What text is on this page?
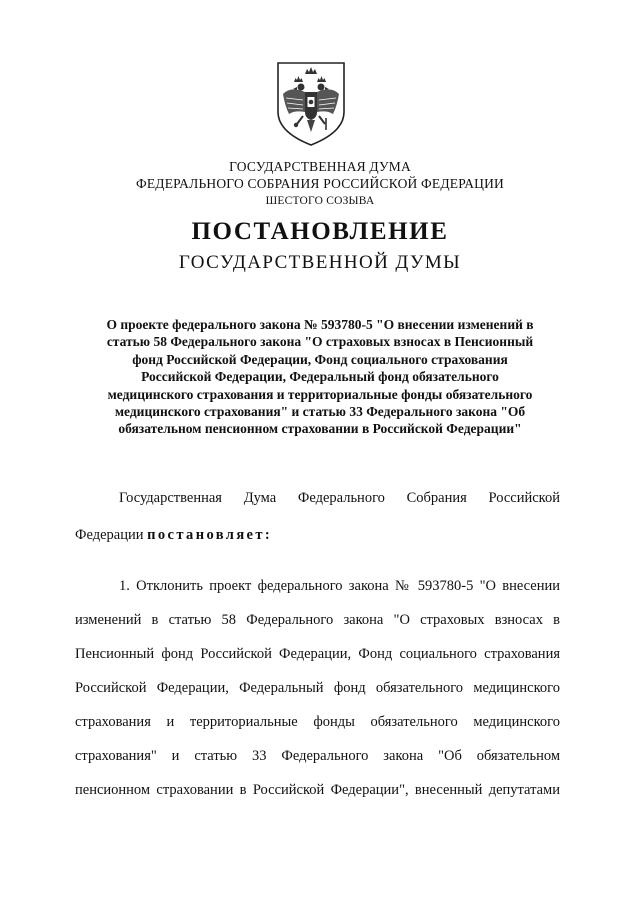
ГОСУДАРСТВЕННАЯ ДУМА
ФЕДЕРАЛЬНОГО СОБРАНИЯ РОССИЙСКОЙ ФЕДЕРАЦИИ
ШЕСТОГО СОЗЫВА
ПОСТАНОВЛЕНИЕ
ГОСУДАРСТВЕННОЙ ДУМЫ
О проекте федерального закона № 593780-5 "О внесении изменений в
статью 58 Федерального закона "О страховых взносах в Пенсионный
фонд Российской Федерации, Фонд социального страхования
Российской Федерации, Федеральный фонд обязательного
медицинского страхования и территориальные фонды обязательного
медицинского страхования" и статью 33 Федерального закона "Об
обязательном пенсионном страховании в Российской Федерации"
Государственная Дума Федерального Собрания Российской
Федерации постановляет:
1. Отклонить проект федерального закона № 593780-5 "О внесении
изменений в статью 58 Федерального закона "О страховых взносах в
Пенсионный фонд Российской Федерации, Фонд социального страхования
Российской Федерации, Федеральный фонд обязательного медицинского
страхования и территориальные фонды обязательного медицинского
страхования" и статью 33 Федерального закона "Об обязательном
пенсионном страховании в Российской Федерации", внесенный депутатами
